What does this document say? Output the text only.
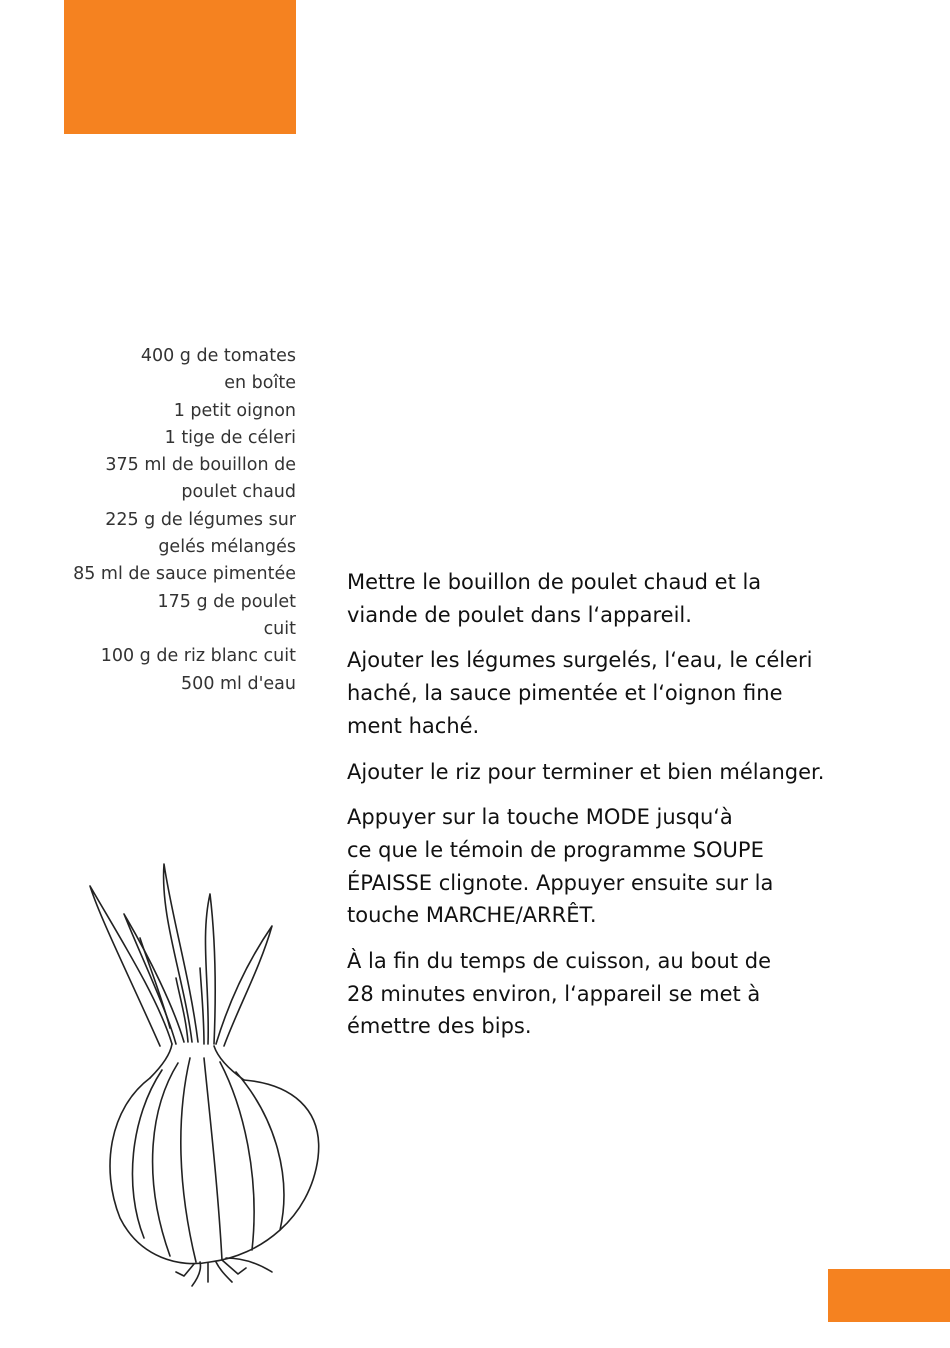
400 g de tomates
en boîte
1 petit oignon
1 tige de céleri
375 ml de bouillon de
poulet chaud
225 g de légumes sur
gelés mélangés
85 ml de sauce pimentée
175 g de poulet
cuit
100 g de riz blanc cuit
500 ml d'eau

Mettre le bouillon de poulet chaud et la
viande de poulet dans l‘appareil.

Ajouter les légumes surgelés, l‘eau, le céleri
haché, la sauce pimentée et l‘oignon fine
ment haché.

Ajouter le riz pour terminer et bien mélanger.

Appuyer sur la touche MODE jusqu‘à
ce que le témoin de programme SOUPE
ÉPAISSE clignote. Appuyer ensuite sur la
touche MARCHE/ARRÊT.

À la fin du temps de cuisson, au bout de
28 minutes environ, l‘appareil se met à
émettre des bips.
